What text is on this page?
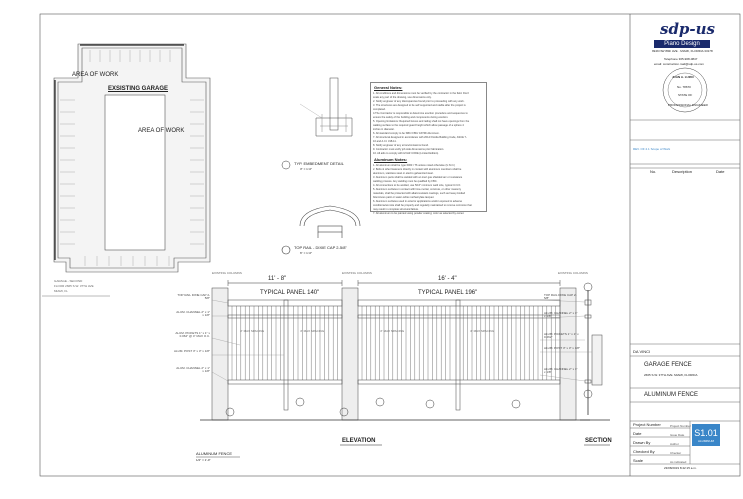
AREA OF WORK
EXSISTING GARAGE
AREA OF WORK
GARAGE - SECOND
FLOOR 2665 S.W. 37TH AVE
MIAMI, FL
TYP. EMBEDMENT DETAIL
3" = 1'-0"
TOP RAIL - DIXIE CAP 2-5/8"
6" = 1'-0"
General Notes:
1. All conditions and dimensions must be verified by the contractor in the field. Don't
scale any part of the drawing, use dimensions only.
2. Notify engineer of any discrepancies found prior to proceeding with any work.
3. The structures are designed to be self supported and stable after the project is
completed.
4.The Contractor is responsible to determine erection procedure and sequences to
ensure the safety of the building and components during erection.
5. Opening limitations: Required fences and railing shall not have openings from the
walking surface to the required guard height which allow passage of a sphere 4
inches in diameter.
6. All standard comply to be SBC/ FBC/ ASTM/ Aluminum.
7. All structural designed in accordance with 2014 Florida Building Code, ASCE 7-
10 and A.C.I 318-11.
8. Notify engineer of any errors/omissions found.
9. Contractor must verify job side dimensions prior fabrication.
10. All aids to comply with HVHZ CODE (Limited Edition).
Aluminum Notes:
1. All aluminum shall be type 6063 / T6 unless noted otherwise (U.N.O.)
2. Bolts & other fasteners directly in contact with aluminum members shall be
aluminum, stainless steel or electro galvanized steel.
3. Aluminum parts shall be welded with an inert gas shielded arc or resistance
welding process. Any welding must be qualified by FBC.
4. All connections to be welded, use 5/16" minimum weld size, typical U.N.O.
5. Aluminum surfaces in contact with lime-mortar, concrete, or other masonry
materials, shall be protected with alkali-resistant coatings, such as heavy-bodied
bituminous paint or water-white methacrylate lacquer.
6. Aluminum surfaces used in exterior applications and/or exposed to adverse
conditions/wet site shall be properly and regularly maintained to remove corrosion that
may result in complete structural failure.
7. All aluminum to be painted using powder coating; color as selected by owner.
11' - 8"
TYPICAL PANEL 140"
16' - 4"
TYPICAL PANEL 196"
EXISTING COLUMNS	EXISTING COLUMNS	EXISTING COLUMNS
4" MAX SPACING	4" MAX SPACING	4" MAX SPACING	4" MAX SPACING
TOP RAIL DIXIE CAP 2-5/8"
ALUM. CHANNEL 2" x 1" x 1/8"
ALUM. PICKETS 1" x 1" x 0.062" @ 4" MAX O.C.
ALUM. POST 3" x 3" x 1/8"
ALUM. CHANNEL 2" x 1" x 1/8"
TOP RAIL DIXIE CAP 2-5/8"
ALUM. CHANNEL 2" x 1" x 1/8"
ALUM. PICKETS 1" x 1" x 0.062"
ALUM. POST 3" x 3" x 1/8"
ALUM. CHANNEL 2" x 1" x 1/8"
ELEVATION	SECTION
ALUMINUM FENCE
1/2" = 1'-0"
sdp-us
Piano Design
9949 NW 89th AVE · MIAMI, FLORIDA 33178
Telephone 305-908-0847
email: construction.mail@sdp-us.com
JUAN A. LUZIO
No. 78670
STATE OF
PROFESSIONAL ENGINEER
REV. OF 2.1 Scope of Work
No.	Description	Date
DA VINCI
GARAGE FENCE
2665 S.W. 37TH AVE. MIAMI, FLORIDA
ALUMINUM FENCE
Project Number	Project Number
Date	Issue Date
Drawn By	Author
Checked By	Checker
Scale	As indicated
S1.01
ALUMINUM
23/08/2019 8:42:15 a.m.
